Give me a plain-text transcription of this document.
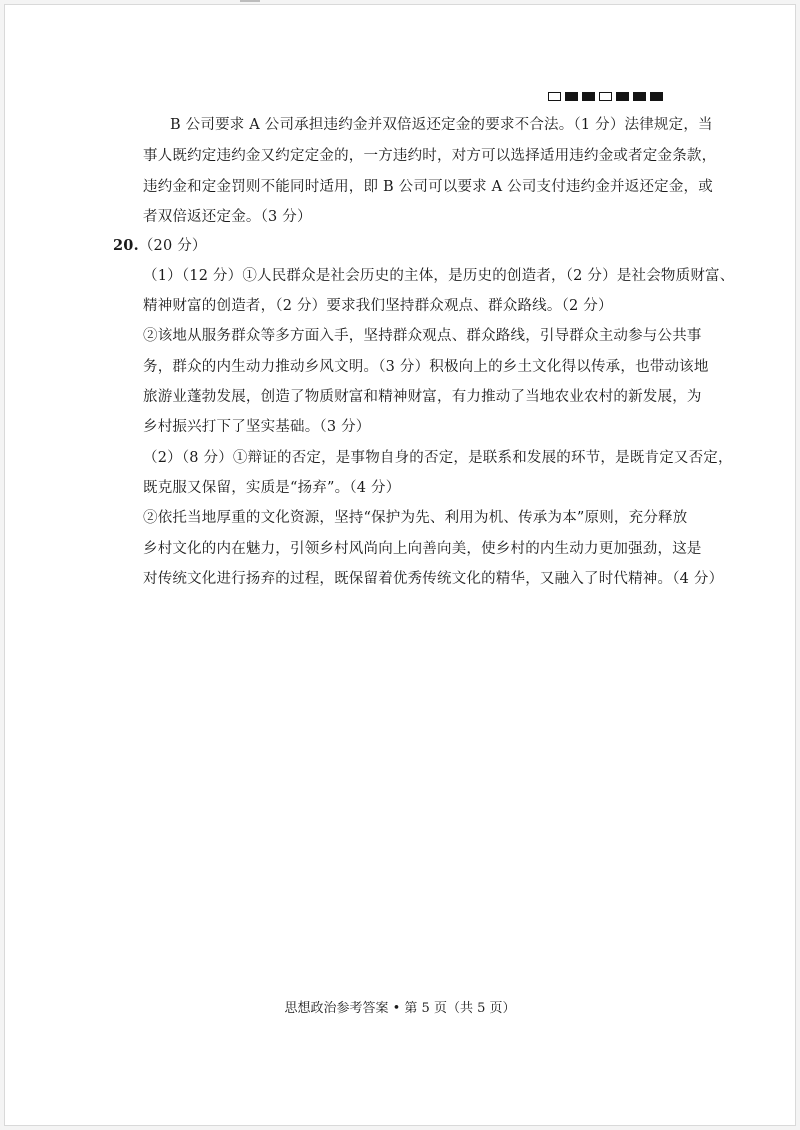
B 公司要求 A 公司承担违约金并双倍返还定金的要求不合法。（1 分）法律规定，当
事人既约定违约金又约定定金的，一方违约时，对方可以选择适用违约金或者定金条款，
违约金和定金罚则不能同时适用，即 B 公司可以要求 A 公司支付违约金并返还定金，或
者双倍返还定金。（3 分）
20.（20 分）
（1）（12 分）①人民群众是社会历史的主体，是历史的创造者，（2 分）是社会物质财富、
精神财富的创造者，（2 分）要求我们坚持群众观点、群众路线。（2 分）
②该地从服务群众等多方面入手，坚持群众观点、群众路线，引导群众主动参与公共事
务，群众的内生动力推动乡风文明。（3 分）积极向上的乡土文化得以传承，也带动该地
旅游业蓬勃发展，创造了物质财富和精神财富，有力推动了当地农业农村的新发展，为
乡村振兴打下了坚实基础。（3 分）
（2）（8 分）①辩证的否定，是事物自身的否定，是联系和发展的环节，是既肯定又否定，
既克服又保留，实质是“扬弃”。（4 分）
②依托当地厚重的文化资源，坚持“保护为先、利用为机、传承为本”原则，充分释放
乡村文化的内在魅力，引领乡村风尚向上向善向美，使乡村的内生动力更加强劲，这是
对传统文化进行扬弃的过程，既保留着优秀传统文化的精华，又融入了时代精神。（4 分）
思想政治参考答案 • 第 5 页（共 5 页）
